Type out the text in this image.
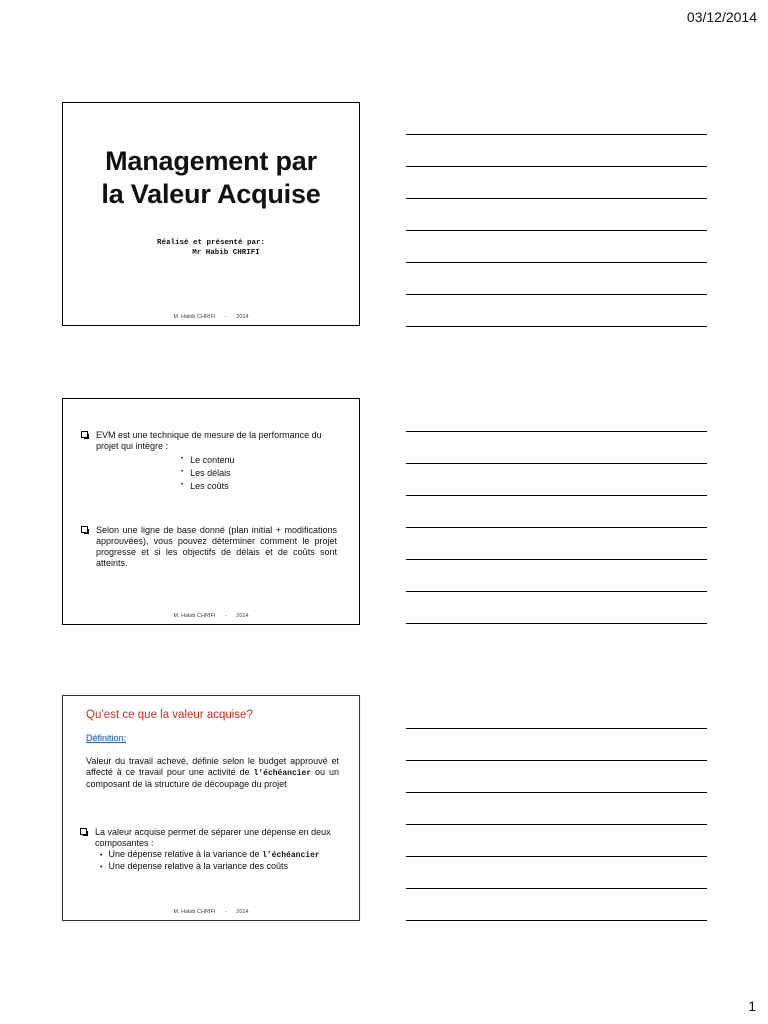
03/12/2014
Management par
la Valeur Acquise
Réalisé et présenté par:
Mr Habib CHRIFI
M. Habib CHRIFI - 2014
EVM est une technique de mesure de la performance du projet qui intègre :
• Le contenu
• Les délais
• Les coûts
Selon une ligne de base donné (plan initial + modifications approuvées), vous pouvez déterminer comment le projet progresse et si les objectifs de délais et de coûts sont atteints.
M. Habib CHRIFI - 2014
Qu’est ce que la valeur acquise?
Définition:
Valeur du travail achevé, définie selon le budget approuvé et affecté à ce travail pour une activité de l’échéancier ou un composant de la structure de découpage du projet
La valeur acquise permet de séparer une dépense en deux composantes :
• Une dépense relative à la variance de l’échéancier
• Une dépense relative à la variance des coûts
M. Habib CHRIFI - 2014
1
